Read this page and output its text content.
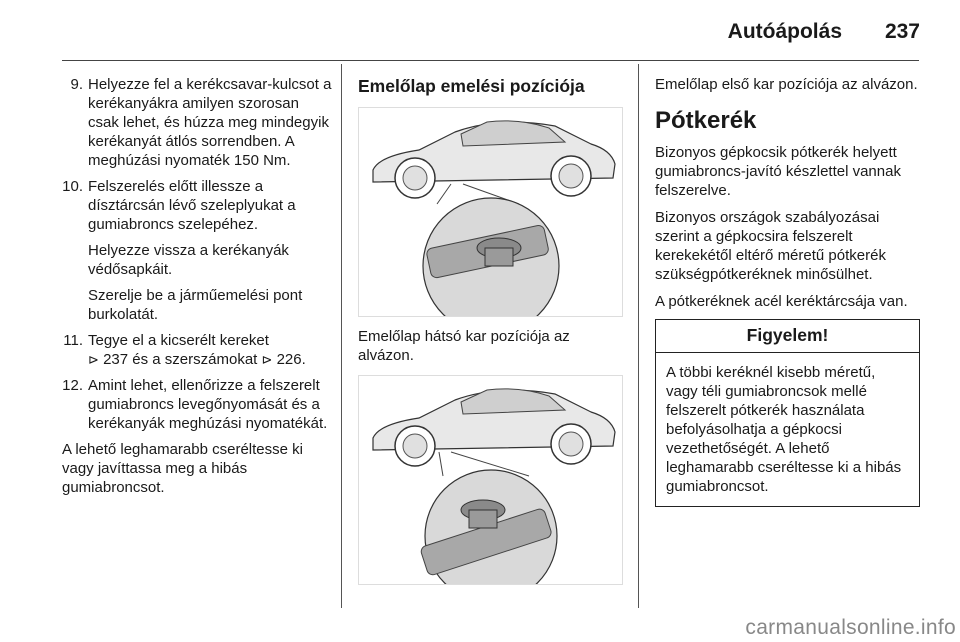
Autóápolás 237
9. Helyezze fel a kerékcsavar-kulcsot a kerékanyákra amilyen szorosan csak lehet, és húzza meg mindegyik kerékanyát átlós sorrendben. A meghúzási nyomaték 150 Nm.

10. Felszerelés előtt illessze a dísztárcsán lévő szeleplyukat a gumiabroncs szelepéhez.

Helyezze vissza a kerékanyák védősapkáit.

Szerelje be a járműemelési pont burkolatát.

11. Tegye el a kicserélt kereket
⊳ 237 és a szerszámokat ⊳ 226.

12. Amint lehet, ellenőrizze a felszerelt gumiabroncs levegőnyomását és a kerékanyák meghúzási nyomatékát.

A lehető leghamarabb cseréltesse ki vagy javíttassa meg a hibás gumiabroncsot.

Emelőlap emelési pozíciója

Emelőlap hátsó kar pozíciója az alvázon.

Emelőlap első kar pozíciója az alvázon.

Pótkerék

Bizonyos gépkocsik pótkerék helyett gumiabroncs-javító készlettel vannak felszerelve.

Bizonyos országok szabályozásai szerint a gépkocsira felszerelt kerekekétől eltérő méretű pótkerék szükségpótkeréknek minősülhet.

A pótkeréknek acél keréktárcsája van.

Figyelem!
A többi keréknél kisebb méretű, vagy téli gumiabroncsok mellé felszerelt pótkerék használata befolyásolhatja a gépkocsi vezethetőségét. A lehető leghamarabb cseréltesse ki a hibás gumiabroncsot.
carmanualsonline.info
